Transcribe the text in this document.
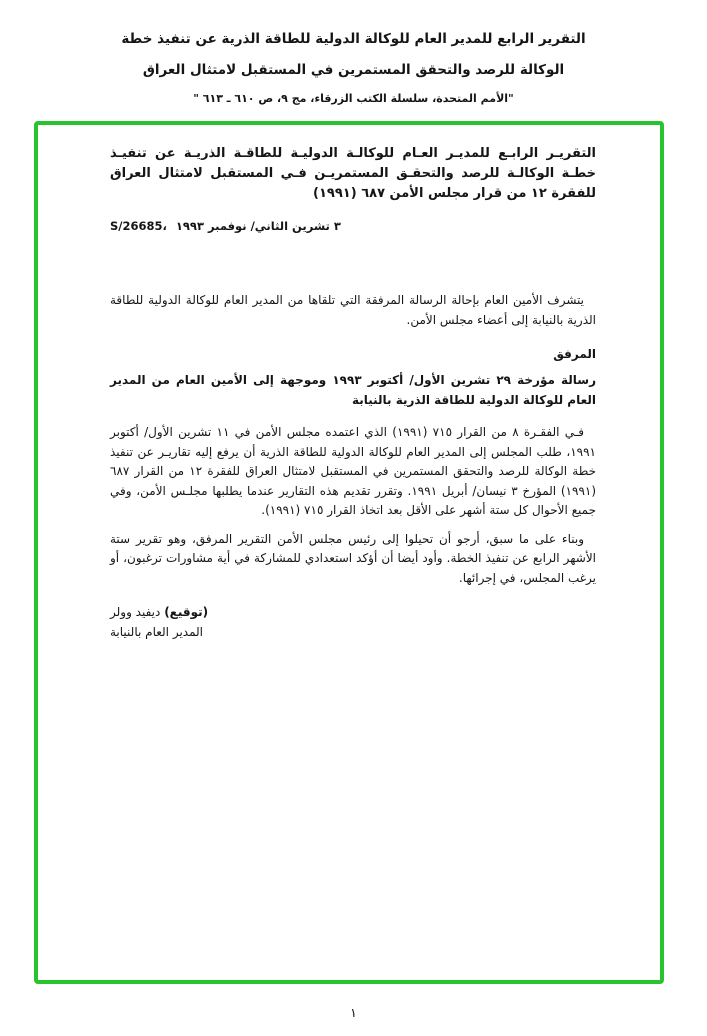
التقرير الرابع للمدير العام للوكالة الدولية للطاقة الذرية عن تنفيذ خطة
الوكالة للرصد والتحقق المستمرين في المستقبل لامتثال العراق
"الأمم المتحدة، سلسلة الكتب الزرقاء، مج ٩، ص ٦١٠ ـ ٦١٣ "
التقريـر الرابـع للمديـر العـام للوكالـة الدوليـة للطاقـة الذريـة عن تنفيـذ
خطـة الوكالـة للرصد والتحقـق المستمريـن فـي المستقبل لامتثال العراق
للفقرة ١٢ من قرار مجلس الأمن ٦٨٧ (١٩٩١)
S/26685، ٣ تشرين الثاني/ نوفمبر ١٩٩٣

يتشرف الأمين العام بإحالة الرسالة المرفقة التي تلقاها من المدير العام للوكالة الدولية للطاقة الذرية بالنيابة إلى أعضاء مجلس الأمن.

المرفق

رسالة مؤرخة ٢٩ تشرين الأول/ أكتوبر ١٩٩٣ وموجهة إلى الأمين العام من المدير العام للوكالة الدولية للطاقة الذرية بالنيابة

فـي الفقـرة ٨ من القرار ٧١٥ (١٩٩١) الذي اعتمده مجلس الأمن في ١١ تشرين الأول/ أكتوبر ١٩٩١، طلب المجلس إلى المدير العام للوكالة الدولية للطاقة الذرية أن يرفع إليه تقاريـر عن تنفيذ خطة الوكالة للرصد والتحقق المستمرين في المستقبل لامتثال العراق للفقرة ١٢ من القرار ٦٨٧ (١٩٩١) المؤرخ ٣ نيسان/ أبريل ١٩٩١. وتقرر تقديم هذه التقارير عندما يطلبها مجلـس الأمن، وفي جميع الأحوال كل ستة أشهر على الأقل بعد اتخاذ القرار ٧١٥ (١٩٩١).

وبناء على ما سبق، أرجو أن تحيلوا إلى رئيس مجلس الأمن التقرير المرفق، وهو تقرير ستة الأشهر الرابع عن تنفيذ الخطة. وأود أيضا أن أؤكد استعدادي للمشاركة في أية مشاورات ترغبون، أو يرغب المجلس، في إجرائها.

(توقيع) ديفيد وولر
المدير العام بالنيابة
١
